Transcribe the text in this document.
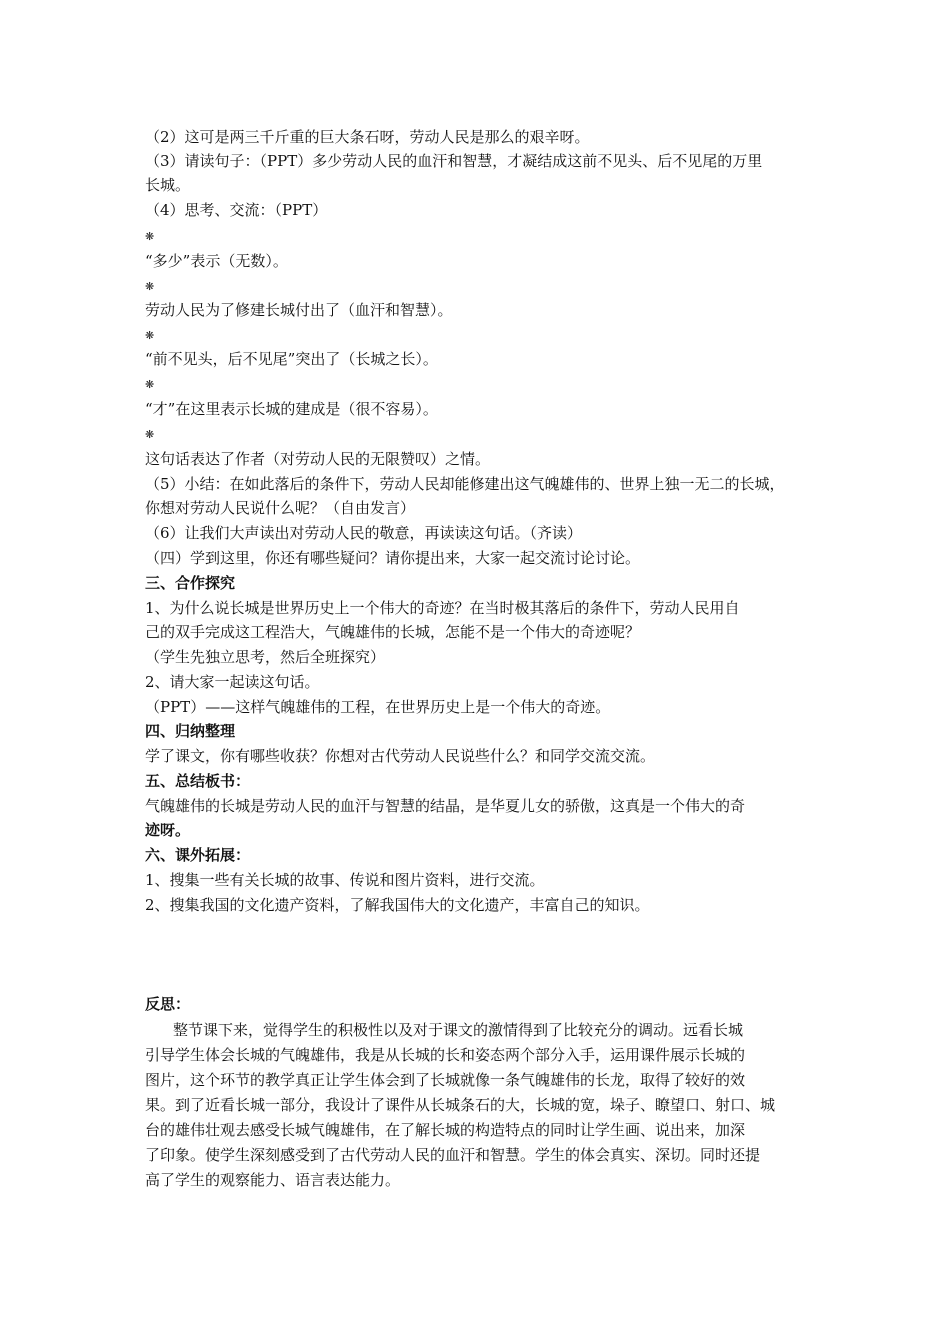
（2）这可是两三千斤重的巨大条石呀，劳动人民是那么的艰辛呀。
（3）请读句子：（PPT）多少劳动人民的血汗和智慧，才凝结成这前不见头、后不见尾的万里
长城。
（4）思考、交流：（PPT）
❋
“多少”表示（无数）。
❋
劳动人民为了修建长城付出了（血汗和智慧）。
❋
“前不见头，后不见尾”突出了（长城之长）。
❋
“才”在这里表示长城的建成是（很不容易）。
❋
这句话表达了作者（对劳动人民的无限赞叹）之情。
（5）小结：在如此落后的条件下，劳动人民却能修建出这气魄雄伟的、世界上独一无二的长城，
你想对劳动人民说什么呢？（自由发言）
（6）让我们大声读出对劳动人民的敬意，再读读这句话。（齐读）
（四）学到这里，你还有哪些疑问？请你提出来，大家一起交流讨论讨论。
三、合作探究
1、为什么说长城是世界历史上一个伟大的奇迹？在当时极其落后的条件下，劳动人民用自
己的双手完成这工程浩大，气魄雄伟的长城，怎能不是一个伟大的奇迹呢？
（学生先独立思考，然后全班探究）
2、请大家一起读这句话。
（PPT）——这样气魄雄伟的工程，在世界历史上是一个伟大的奇迹。
四、归纳整理
学了课文，你有哪些收获？你想对古代劳动人民说些什么？和同学交流交流。
五、总结板书：
气魄雄伟的长城是劳动人民的血汗与智慧的结晶，是华夏儿女的骄傲，这真是一个伟大的奇
迹呀。
六、课外拓展：
1、搜集一些有关长城的故事、传说和图片资料，进行交流。
2、搜集我国的文化遗产资料，了解我国伟大的文化遗产，丰富自己的知识。
反思：
整节课下来，觉得学生的积极性以及对于课文的激情得到了比较充分的调动。远看长城
引导学生体会长城的气魄雄伟，我是从长城的长和姿态两个部分入手，运用课件展示长城的
图片，这个环节的教学真正让学生体会到了长城就像一条气魄雄伟的长龙，取得了较好的效
果。到了近看长城一部分，我设计了课件从长城条石的大，长城的宽，垛子、瞭望口、射口、城
台的雄伟壮观去感受长城气魄雄伟，在了解长城的构造特点的同时让学生画、说出来，加深
了印象。使学生深刻感受到了古代劳动人民的血汗和智慧。学生的体会真实、深切。同时还提
高了学生的观察能力、语言表达能力。
